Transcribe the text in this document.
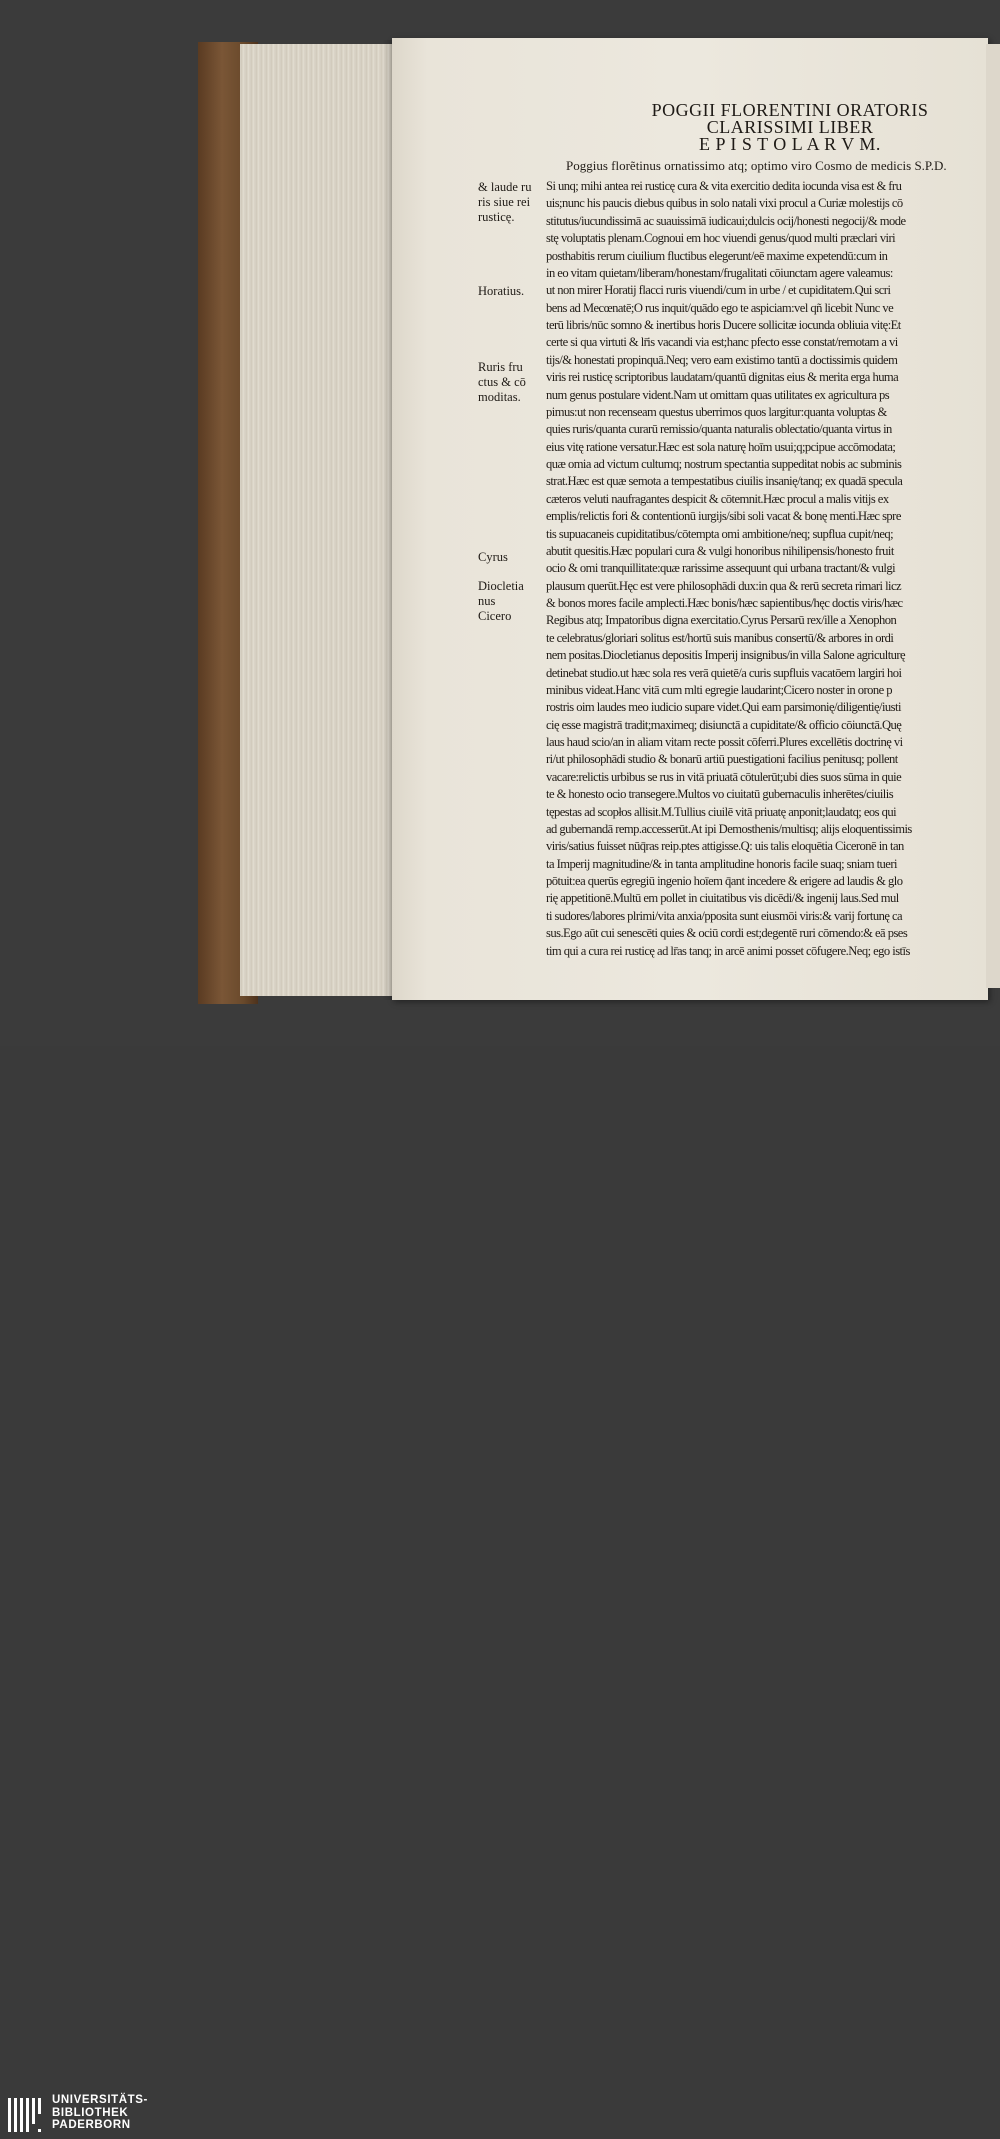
POGGII FLORENTINI ORATORIS
CLARISSIMI LIBER
E P I S T O L A R V M.
Poggius florẽtinus ornatissimo atq; optimo viro Cosmo de medicis S.P.D.
& laude ru
ris siue rei
rusticę.
Horatius.
Ruris fru
ctus & cō
moditas.
Cyrus
Diocletia
nus
Cicero
Si unq; mihi antea rei rusticę cura & vita exercitio dedita iocunda visa est & fru
uis;nunc his paucis diebus quibus in solo natali vixi procul a Curiæ molestijs cō
stitutus/iucundissimā ac suauissimā iudicaui;dulcis ocij/honesti negocij/& mode
stę voluptatis plenam.Cognoui em hoc viuendi genus/quod multi præclari viri
posthabitis rerum ciuilium fluctibus elegerunt/eē maxime expetendū:cum in
in eo vitam quietam/liberam/honestam/frugalitati cōiunctam agere valeamus:
ut non mirer Horatij flacci ruris viuendi/cum in urbe / et cupiditatem.Qui scri
bens ad Mecœnatē;O rus inquit/quādo ego te aspiciam:vel qñ licebit Nunc ve
terū libris/nūc somno & inertibus horis Ducere sollicitæ iocunda obliuia vitę:Et
certe si qua virtuti & lr̄is vacandi via est;hanc pfecto esse constat/remotam a vi
tijs/& honestati propinquā.Neq; vero eam existimo tantū a doctissimis quidem
viris rei rusticę scriptoribus laudatam/quantū dignitas eius & merita erga huma
num genus postulare vident.Nam ut omittam quas utilitates ex agricultura ps
pimus:ut non recenseam questus uberrimos quos largitur:quanta voluptas &
quies ruris/quanta curarū remissio/quanta naturalis oblectatio/quanta virtus in
eius vitę ratione versatur.Hæc est sola naturę hoīm usui;q;pcipue accōmodata;
quæ omia ad victum cultumq; nostrum spectantia suppeditat nobis ac subminis
strat.Hæc est quæ semota a tempestatibus ciuilis insanię/tanq; ex quadā specula
cæteros veluti naufragantes despicit & cōtemnit.Hæc procul a malis vitijs ex
emplis/relictis fori & contentionū iurgijs/sibi soli vacat & bonę menti.Hæc spre
tis supuacaneis cupiditatibus/cōtempta omi ambitione/neq; supflua cupit/neq;
abutit quesitis.Hæc populari cura & vulgi honoribus nihilipensis/honesto fruit
ocio & omi tranquillitate:quæ rarissime assequunt qui urbana tractant/& vulgi
plausum querūt.Hęc est vere philosophādi dux:in qua & rerū secreta rimari licz
& bonos mores facile amplecti.Hæc bonis/hæc sapientibus/hęc doctis viris/hæc
Regibus atq; Impatoribus digna exercitatio.Cyrus Persarū rex/ille a Xenophon
te celebratus/gloriari solitus est/hortū suis manibus consertū/& arbores in ordi
nem positas.Diocletianus depositis Imperij insignibus/in villa Salone agriculturę
detinebat studio.ut hæc sola res verā quietē/a curis supfluis vacatōem largiri hoi
minibus videat.Hanc vitā cum mlti egregie laudarint;Cicero noster in orone p
rostris oim laudes meo iudicio supare videt.Qui eam parsimonię/diligentię/iusti
cię esse magistrā tradit;maximeq; disiunctā a cupiditate/& officio cōiunctā.Quę
laus haud scio/an in aliam vitam recte possit cōferri.Plures excellētis doctrinę vi
ri/ut philosophādi studio & bonarū artiū puestigationi facilius penitusq; pollent
vacare:relictis urbibus se rus in vitā priuatā cōtulerūt;ubi dies suos sūma in quie
te & honesto ocio transegere.Multos vo ciuitatū gubernaculis inherētes/ciuilis
tępestas ad scopłos allisit.M.Tullius ciuilē vitā priuatę anponit;laudatq; eos qui
ad gubernandā remp.accesserūt.At ipi Demosthenis/multisq; alijs eloquentissimis
viris/satius fuisset nūq̄ras reip.ptes attigisse.Q: uis talis eloquētia Ciceronē in tan
ta Imperij magnitudine/& in tanta amplitudine honoris facile suaq; sniam tueri
pōtuit:ea querūs egregiū ingenio hoīem q̄ant incedere & erigere ad laudis & glo
rię appetitionē.Multū em pollet in ciuitatibus vis dicēdi/& ingenij laus.Sed mul
ti sudores/labores plrimi/vita anxia/pposita sunt eiusmōi viris:& varij fortunę ca
sus.Ego aūt cui senescēti quies & ociū cordi est;degentē ruri cōmendo:& eā pses
tim qui a cura rei rusticę ad lr̄as tanq; in arcē animi posset cōfugere.Neq; ego istīs
UNIVERSITÄTS-
BIBLIOTHEK
PADERBORN
